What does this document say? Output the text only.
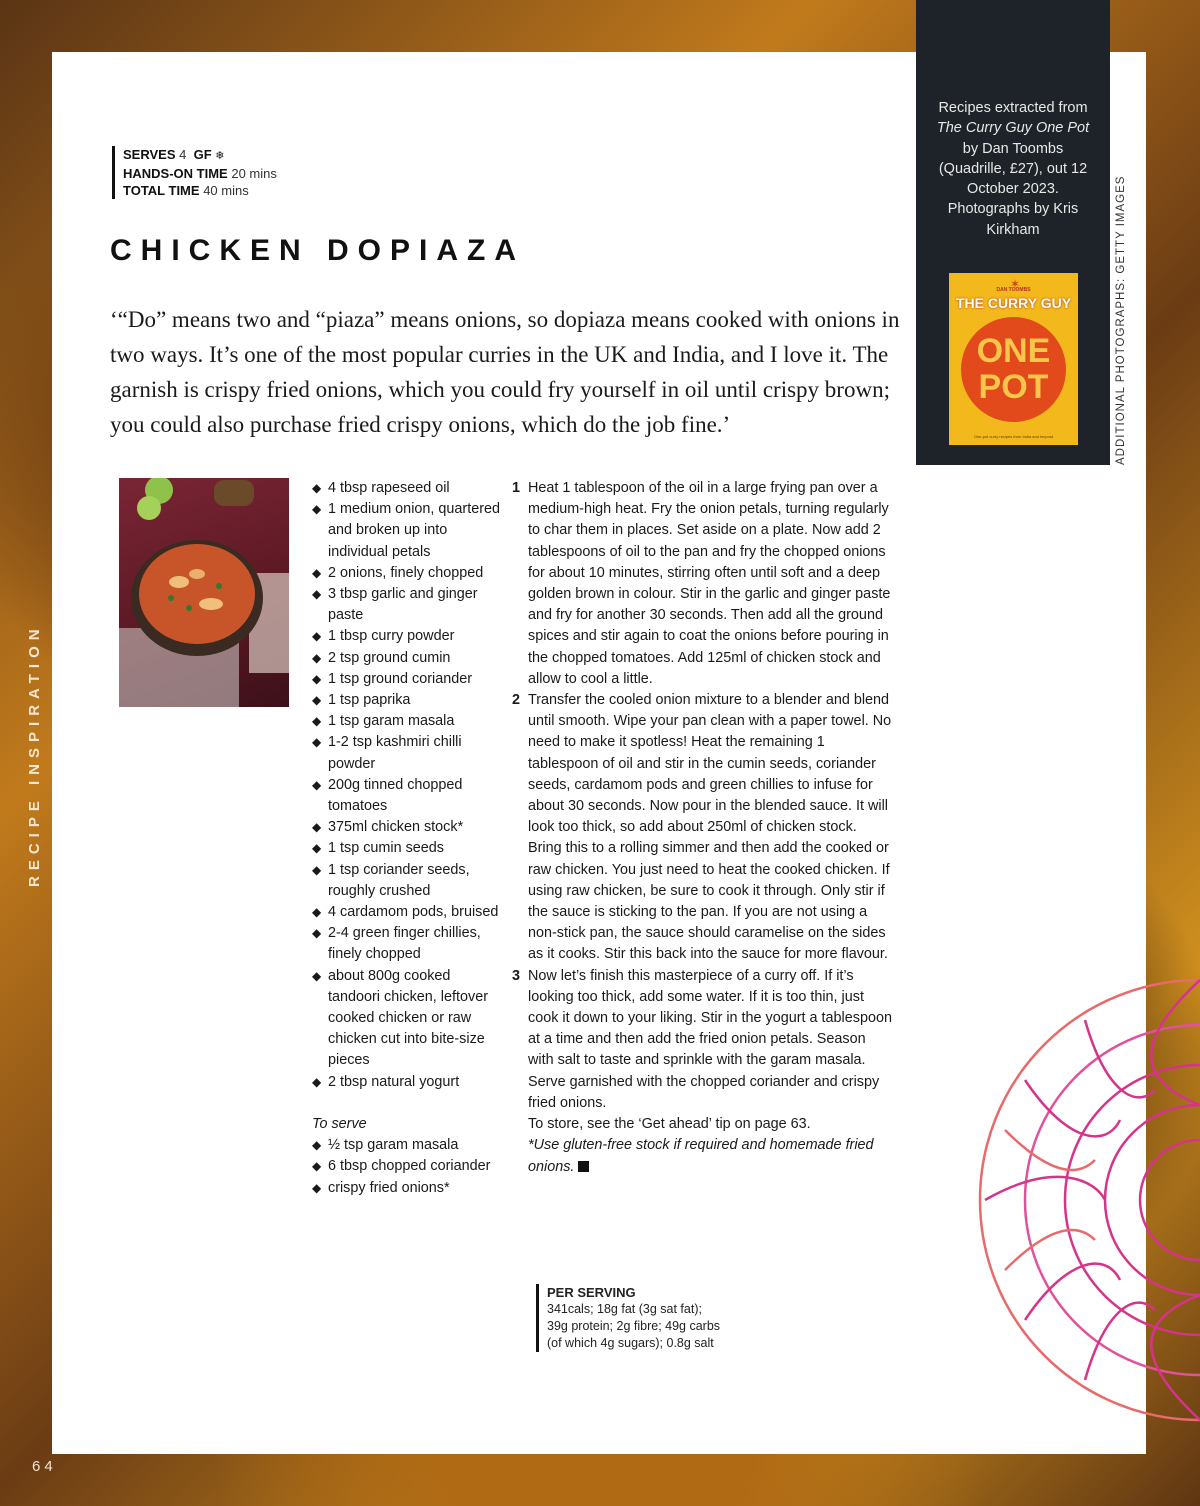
RECIPE INSPIRATION
64
SERVES 4 GF ❄
HANDS-ON TIME 20 mins
TOTAL TIME 40 mins
CHICKEN DOPIAZA
‘“Do” means two and “piaza” means onions, so dopiaza means cooked with onions in two ways. It’s one of the most popular curries in the UK and India, and I love it. The garnish is crispy fried onions, which you could fry yourself in oil until crispy brown; you could also purchase fried crispy onions, which do the job fine.’
◆ 4 tbsp rapeseed oil
◆ 1 medium onion, quartered and broken up into individual petals
◆ 2 onions, finely chopped
◆ 3 tbsp garlic and ginger paste
◆ 1 tbsp curry powder
◆ 2 tsp ground cumin
◆ 1 tsp ground coriander
◆ 1 tsp paprika
◆ 1 tsp garam masala
◆ 1-2 tsp kashmiri chilli powder
◆ 200g tinned chopped tomatoes
◆ 375ml chicken stock*
◆ 1 tsp cumin seeds
◆ 1 tsp coriander seeds, roughly crushed
◆ 4 cardamom pods, bruised
◆ 2-4 green finger chillies, finely chopped
◆ about 800g cooked tandoori chicken, leftover cooked chicken or raw chicken cut into bite-size pieces
◆ 2 tbsp natural yogurt
To serve
◆ ½ tsp garam masala
◆ 6 tbsp chopped coriander
◆ crispy fried onions*
1 Heat 1 tablespoon of the oil in a large frying pan over a medium-high heat. Fry the onion petals, turning regularly to char them in places. Set aside on a plate. Now add 2 tablespoons of oil to the pan and fry the chopped onions for about 10 minutes, stirring often until soft and a deep golden brown in colour. Stir in the garlic and ginger paste and fry for another 30 seconds. Then add all the ground spices and stir again to coat the onions before pouring in the chopped tomatoes. Add 125ml of chicken stock and allow to cool a little.
2 Transfer the cooled onion mixture to a blender and blend until smooth. Wipe your pan clean with a paper towel. No need to make it spotless! Heat the remaining 1 tablespoon of oil and stir in the cumin seeds, coriander seeds, cardamom pods and green chillies to infuse for about 30 seconds. Now pour in the blended sauce. It will look too thick, so add about 250ml of chicken stock. Bring this to a rolling simmer and then add the cooked or raw chicken. You just need to heat the cooked chicken. If using raw chicken, be sure to cook it through. Only stir if the sauce is sticking to the pan. If you are not using a non-stick pan, the sauce should caramelise on the sides as it cooks. Stir this back into the sauce for more flavour.
3 Now let’s finish this masterpiece of a curry off. If it’s looking too thick, add some water. If it is too thin, just cook it down to your liking. Stir in the yogurt a tablespoon at a time and then add the fried onion petals. Season with salt to taste and sprinkle with the garam masala. Serve garnished with the chopped coriander and crispy fried onions.
To store, see the ‘Get ahead’ tip on page 63.
*Use gluten-free stock if required and homemade fried onions.
PER SERVING
341cals; 18g fat (3g sat fat);
39g protein; 2g fibre; 49g carbs
(of which 4g sugars); 0.8g salt

Recipes extracted from The Curry Guy One Pot by Dan Toombs (Quadrille, £27), out 12 October 2023. Photographs by Kris Kirkham

✶
DAN TOOMBS
THE CURRY GUY
ONE
POT
One-pot curry recipes from India and beyond	ADDITIONAL PHOTOGRAPHS: GETTY IMAGES
